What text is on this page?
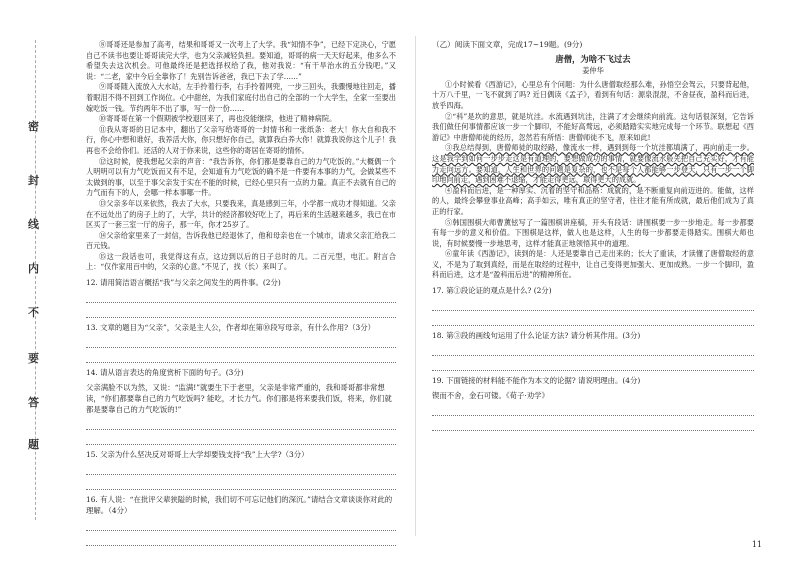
密
封
线
内
不
要
答
题

⑧哥哥还是参加了高考，结果和哥哥又一次考上了大学。我“知情不争”，已经下定决心，宁愿自己不读书也要让哥哥读完大学，也为父亲减轻负担。要知道，哥哥的病一天天好起来，他多么不希望失去这次机会。可他最终还是把选择权给了我，他对我说：“有干旱治水的五分钱吧。”又说：“二老，家中今后全靠你了！先别告诉爸爸，我已下去了学……”

⑨哥哥随入流放入大水站，左手拎着行李，右手拎着网兜，一步三回头，我骤慢地往回走，播着眼泪不得不回到工作岗位。心中甜丝，为我们家庭付出自己的全部的一个大学生，全家一至要出嫁吃饭一钱。节约两年不出了事，写一份一份……

⑩寄哥哥在第一个假期被学校退回来了，再也没能继续，他进了精神病院。

⑪我从寄哥的日记本中，翻出了父亲写给寄哥的一封情书和一张纸条：老大！你大自和我不行，你心中想和谁好，我养活大你，你只想好你自己，就算我白养大你！就算我说你这个儿子！我再也不会给你们。还活的人对于你来说，这些你的寄居在寄哥的情怀。

⑫这时候，使我想起父亲的声音：“我告诉你，你们都是要靠自己的力气吃饭的。”大概偶一个人明明可以有力气吃饭而又有不足，会知道有力气吃饭的确不是一件要有本事的力气，会做某些不太做到的事，以至于事父亲发于实在不能的时候，已经心里只有一点的力量。真正不去就有自己的力气而有下的人，会哪一样本事哪一件。

⑬父亲多年以来依然，我去了大水，只要我来，真是感到三年，小学都一成功才得知道。父亲在不远处出了的房子上的了，大学，共计的经济都较好吃上了，再后来的生活越来越多，我已在市区买了一套三室一厅的房子，那一年，你才25岁了。

⑭父亲给家里来了一封信，告诉我他已经退休了，他和母亲也在一个城市，请求父亲汇给我二百元钱。

⑮这一段话也可，我觉得这有点，这边到以后的日子总时的几。二百元型，电汇。附言合上：“仅作家用百中的，父亲的心意。”不见了，找（长）来叫了。

12. 请用简洁语言概括“我”与父亲之间发生的两件事。(2分)
13. 文章的题目为“父亲”，父亲是主人公，作者却在第⑩段写母亲，有什么作用?（3分）
14. 请从语言表达的角度赏析下面的句子。(3分)
父亲满脸不以为然，又说：“监满!”就要生下于老里，父亲是非常严重的，我和哥哥都非常想读，“你们都要靠自己的力气吃饭吗? 能吃，才长力气。你们都是将来要我们饭，将来，你们就都是要靠自己的力气吃饭的!”
15. 父亲为什么坚决反对哥哥上大学却要钱支持“我”上大学?（3分）
16. 有人说：“在批评父辈狭隘的时候，我们切不可忘记他们的深沉。”请结合文章谈谈你对此的理解。（4分）

（乙）阅读下面文章，完成17~19题。(9分)

唐僧，为啥不飞过去
姜仲华

①小时候看《西游记》，心里总有个问题：为什么唐僧取经那么难，孙悟空会驾云，只要背起他，十万八千里，一飞不就到了吗? 近日偶读《孟子》，看到有句话：源泉混混，不舍昼夜，盈科而后进，放乎四海。

②“科”是坎的意思，就是坑洼。水流遇到坑洼，注满了才会继续向前流。这句话很深刻，它告诉我们做任何事情都应该一步一个脚印，不能好高骛远，必须踏踏实实地完成每一个环节。联想起《西游记》中唐僧师徒的经历，忽然若有所悟：唐僧师徒不飞，原来如此!

③我总结得到，唐僧师徒的取经路，像流水一样，遇到到每一个坑洼都填满了，再向前走一步。这是我学到如何一步步走这是有道理的，要想做成功的事情，就要像流水般先把自己充实好，才有能力走向远方。要知道，人生和世界的问题是复杂的，也不是每个人都能够一步登天，只有一步一个脚印地向前走，遇到困难不退缩，才能走得更远，取得更大的成就。

④盈科而后进，是一种厚实、沉着的坚守和品格：成就的，是不断重复向前迈进的。能做，这样的人，最终会攀登事业高峰；高手如云，唯有真正的坚守者，往往才能有所成就，最后他们成为了真正的行家。

⑤韩国围棋大师曹薰铉写了一篇围棋讲座稿，开头有段话：讲围棋要一步一步地走。每一步都要有每一步的意义和价值。下围棋是这样，做人也是这样，人生的每一步都要走得踏实。围棋大师也说，有时候要慢一步地思考，这样才能真正地领悟其中的道理。

⑥童年读《西游记》，读到的是：人还是要靠自己走出来的；长大了重读，才读懂了唐僧取经的意义，不是为了取到真经，而是在取经的过程中，让自己变得更加强大、更加成熟。一步一个脚印，盈科而后进，这才是“盈科而后进”的精神所在。

17. 第①段论证的观点是什么? (2分)
18. 第③段的画线句运用了什么论证方法? 请分析其作用。(3分)
19. 下面链接的材料能不能作为本文的论据? 请说明理由。(4分)
锲而不舍，金石可镂。《荀子·劝学》
11
